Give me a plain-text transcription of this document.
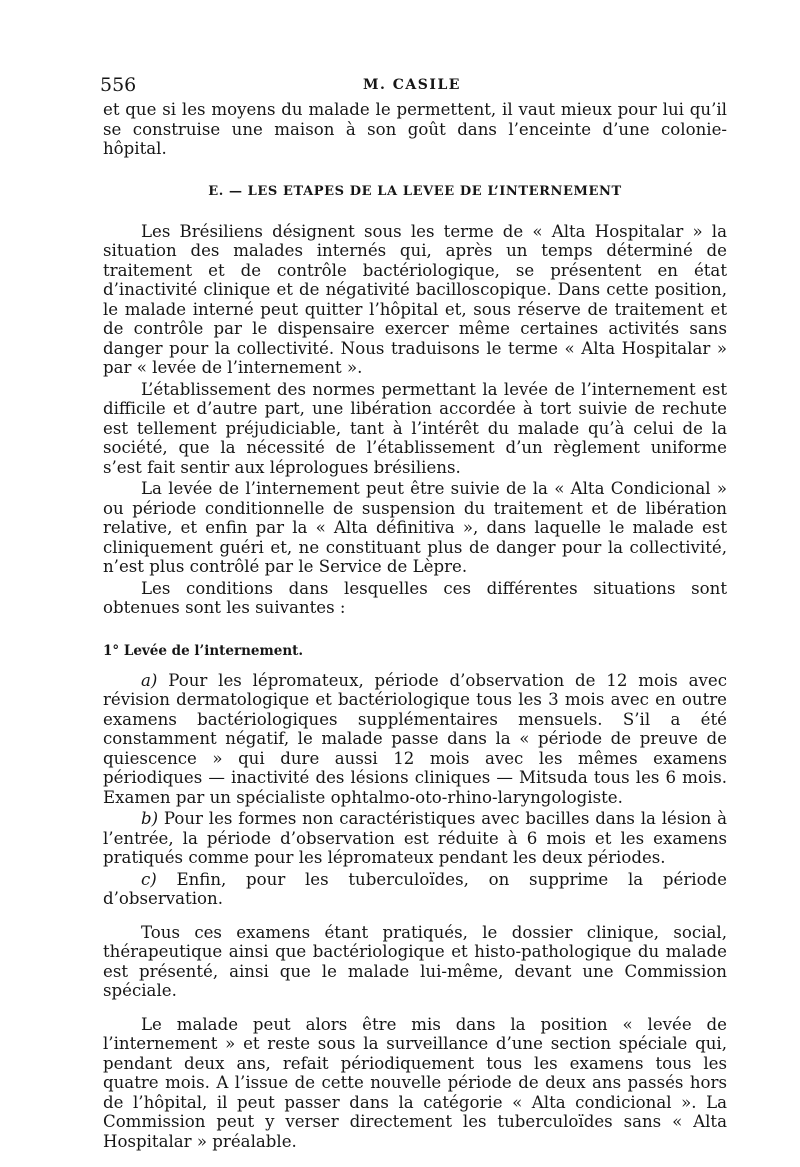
556	M. CASILE

et que si les moyens du malade le permettent, il vaut mieux pour lui qu’il se construise une maison à son goût dans l’enceinte d’une colonie-hôpital.

E. — LES ETAPES DE LA LEVEE DE L’INTERNEMENT

Les Brésiliens désignent sous les terme de « Alta Hospitalar » la situation des malades internés qui, après un temps déterminé de traitement et de contrôle bactériologique, se présentent en état d’inactivité clinique et de négativité bacilloscopique. Dans cette position, le malade interné peut quitter l’hôpital et, sous réserve de traitement et de contrôle par le dispensaire exercer même certaines activités sans danger pour la collectivité. Nous traduisons le terme « Alta Hospitalar » par « levée de l’internement ».

L’établissement des normes permettant la levée de l’internement est difficile et d’autre part, une libération accordée à tort suivie de rechute est tellement préjudiciable, tant à l’intérêt du malade qu’à celui de la société, que la nécessité de l’établissement d’un règlement uniforme s’est fait sentir aux léprologues brésiliens.

La levée de l’internement peut être suivie de la « Alta Condicional » ou période conditionnelle de suspension du traitement et de libération relative, et enfin par la « Alta définitiva », dans laquelle le malade est cliniquement guéri et, ne constituant plus de danger pour la collectivité, n’est plus contrôlé par le Service de Lèpre.

Les conditions dans lesquelles ces différentes situations sont obtenues sont les suivantes :

1° Levée de l’internement.

a) Pour les lépromateux, période d’observation de 12 mois avec révision dermatologique et bactériologique tous les 3 mois avec en outre examens bactériologiques supplémentaires mensuels. S’il a été constamment négatif, le malade passe dans la « période de preuve de quiescence » qui dure aussi 12 mois avec les mêmes examens périodiques — inactivité des lésions cliniques — Mitsuda tous les 6 mois. Examen par un spécialiste ophtalmo-oto-rhino-laryngologiste.

b) Pour les formes non caractéristiques avec bacilles dans la lésion à l’entrée, la période d’observation est réduite à 6 mois et les examens pratiqués comme pour les lépromateux pendant les deux périodes.

c) Enfin, pour les tuberculoïdes, on supprime la période d’observation.

Tous ces examens étant pratiqués, le dossier clinique, social, thérapeutique ainsi que bactériologique et histo-pathologique du malade est présenté, ainsi que le malade lui-même, devant une Commission spéciale.

Le malade peut alors être mis dans la position « levée de l’internement » et reste sous la surveillance d’une section spéciale qui, pendant deux ans, refait périodiquement tous les examens tous les quatre mois. A l’issue de cette nouvelle période de deux ans passés hors de l’hôpital, il peut passer dans la catégorie « Alta condicional ». La Commission peut y verser directement les tuberculoïdes sans « Alta Hospitalar » préalable.
